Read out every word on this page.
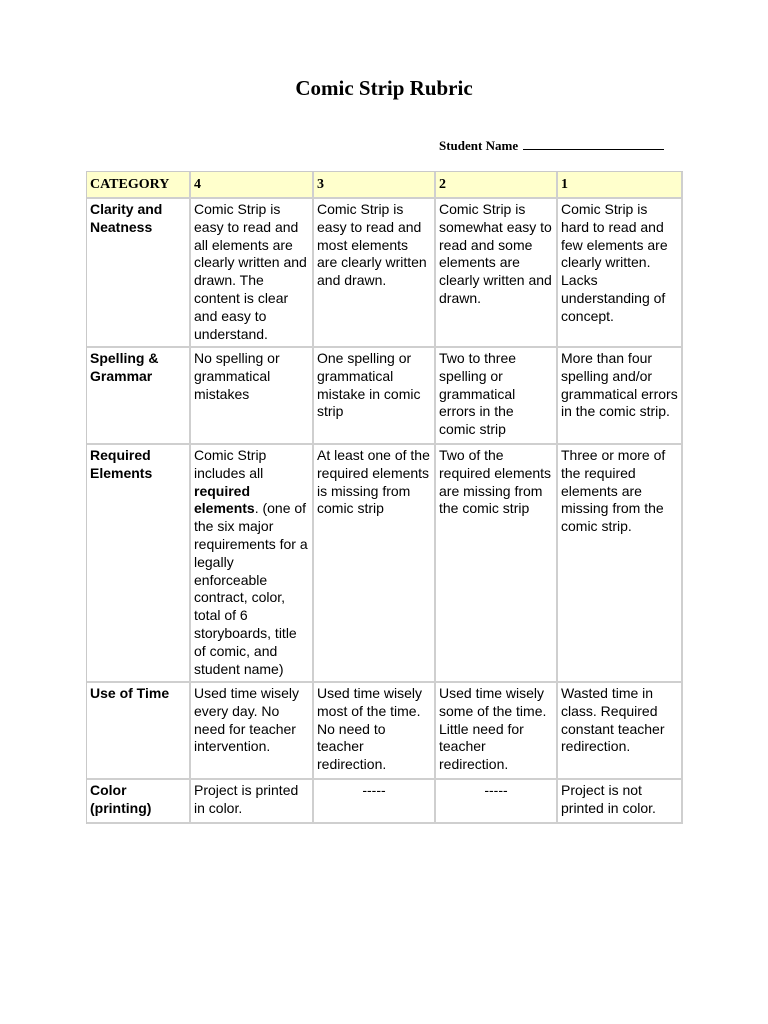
Comic Strip Rubric
Student Name
CATEGORY	4	3	2	1
Clarity and Neatness	Comic Strip is easy to read and all elements are clearly written and drawn. The content is clear and easy to understand.	Comic Strip is easy to read and most elements are clearly written and drawn.	Comic Strip is somewhat easy to read and some elements are clearly written and drawn.	Comic Strip is hard to read and few elements are clearly written. Lacks understanding of concept.
Spelling & Grammar	No spelling or grammatical mistakes	One spelling or grammatical mistake in comic strip	Two to three spelling or grammatical errors in the comic strip	More than four spelling and/or grammatical errors in the comic strip.
Required Elements	Comic Strip includes all required elements. (one of the six major requirements for a legally enforceable contract, color, total of 6 storyboards, title of comic, and student name)	At least one of the required elements is missing from comic strip	Two of the required elements are missing from the comic strip	Three or more of the required elements are missing from the comic strip.
Use of Time	Used time wisely every day. No need for teacher intervention.	Used time wisely most of the time. No need to teacher redirection.	Used time wisely some of the time. Little need for teacher redirection.	Wasted time in class. Required constant teacher redirection.
Color (printing)	Project is printed in color.	-----	-----	Project is not printed in color.
